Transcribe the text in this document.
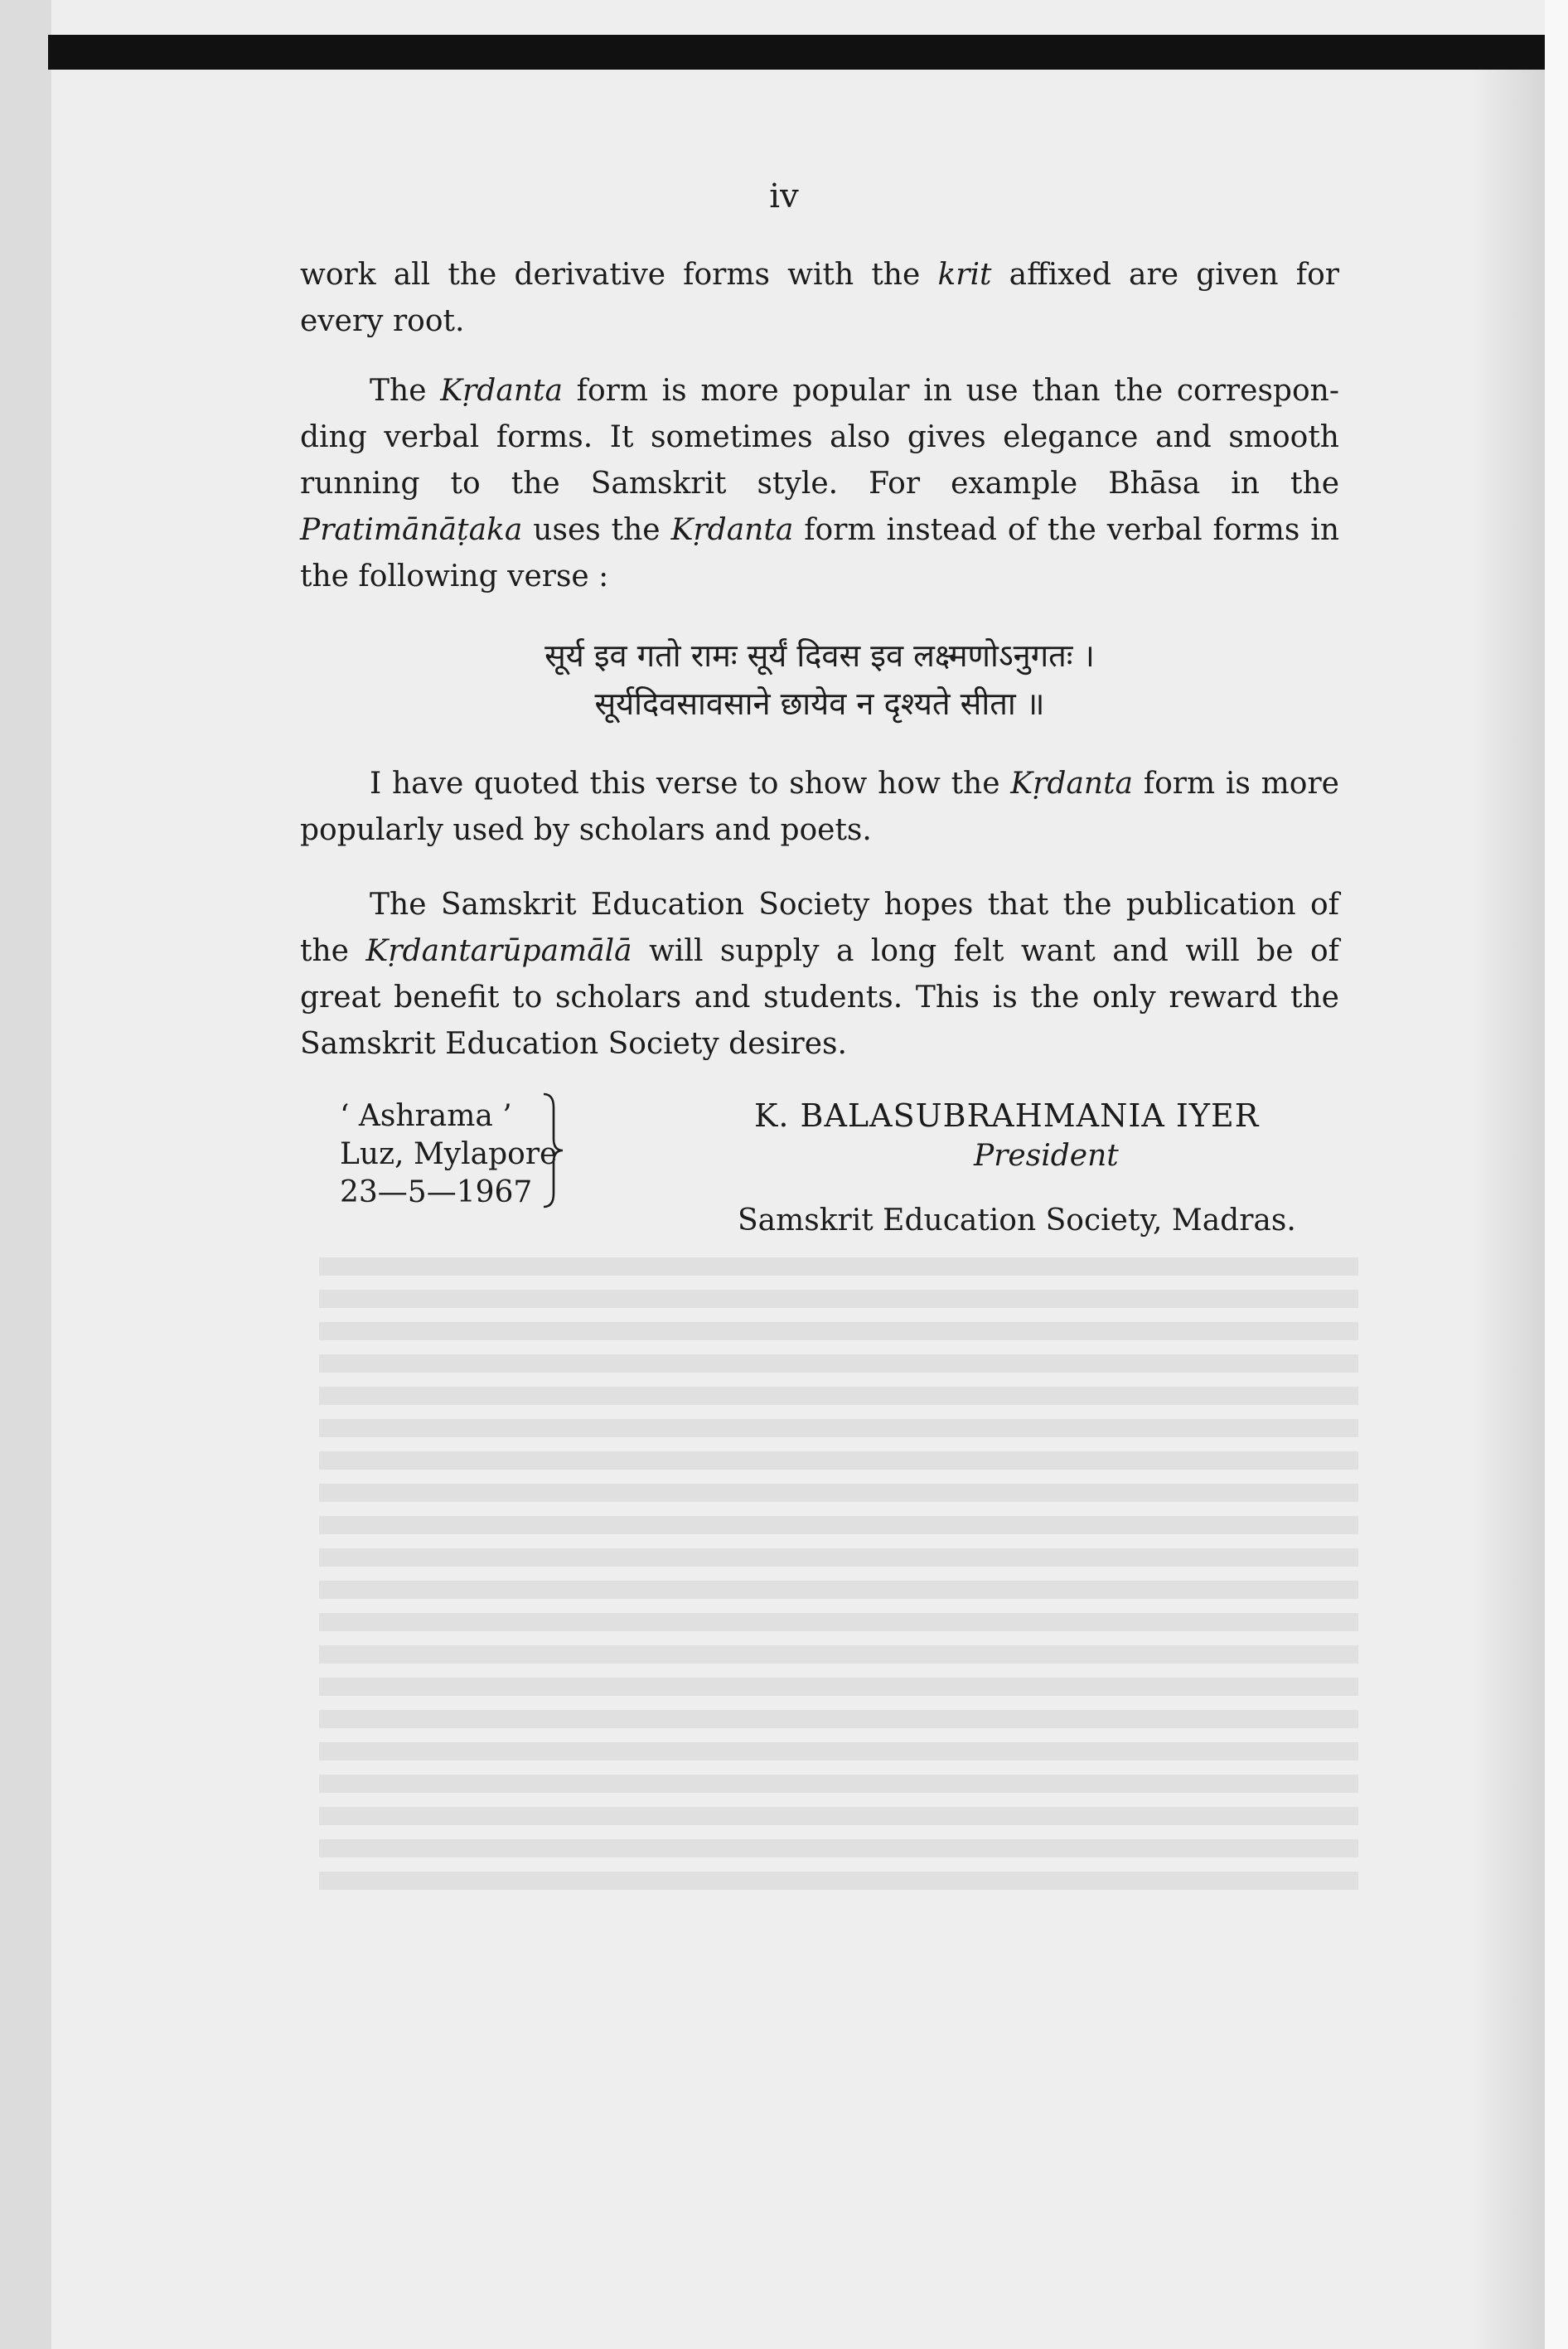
iv

work all the derivative forms with the krit affixed are given for every root.

The Kṛdanta form is more popular in use than the corresponding verbal forms. It sometimes also gives elegance and smooth running to the Samskrit style. For example Bhāsa in the Pratimānāṭaka uses the Kṛdanta form instead of the verbal forms in the following verse :

सूर्य इव गतो रामः सूर्यं दिवस इव लक्ष्मणोऽनुगतः ।
सूर्यदिवसावसाने छायेव न दृश्यते सीता ॥

I have quoted this verse to show how the Kṛdanta form is more popularly used by scholars and poets.

The Samskrit Education Society hopes that the publication of the Kṛdantarūpamālā will supply a long felt want and will be of great benefit to scholars and students. This is the only reward the Samskrit Education Society desires.

‘ Ashrama ’
Luz, Mylapore
23—5—1967
K. BALASUBRAHMANIA IYER
President
Samskrit Education Society, Madras.
